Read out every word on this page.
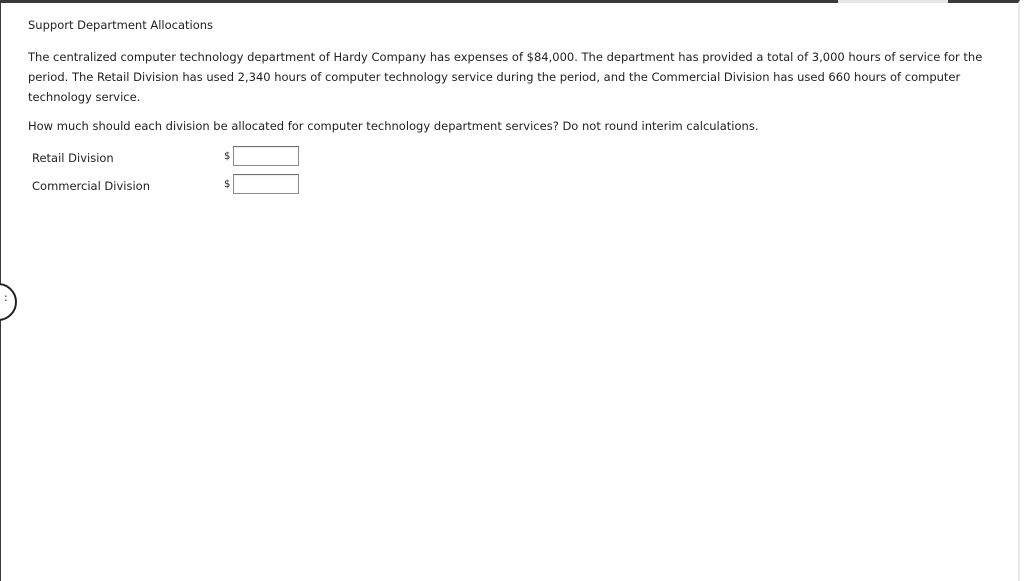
Support Department Allocations

The centralized computer technology department of Hardy Company has expenses of $84,000. The department has provided a total of 3,000 hours of service for the period. The Retail Division has used 2,340 hours of computer technology service during the period, and the Commercial Division has used 660 hours of computer technology service.

How much should each division be allocated for computer technology department services? Do not round interim calculations.

Retail Division	$
Commercial Division	$
:
